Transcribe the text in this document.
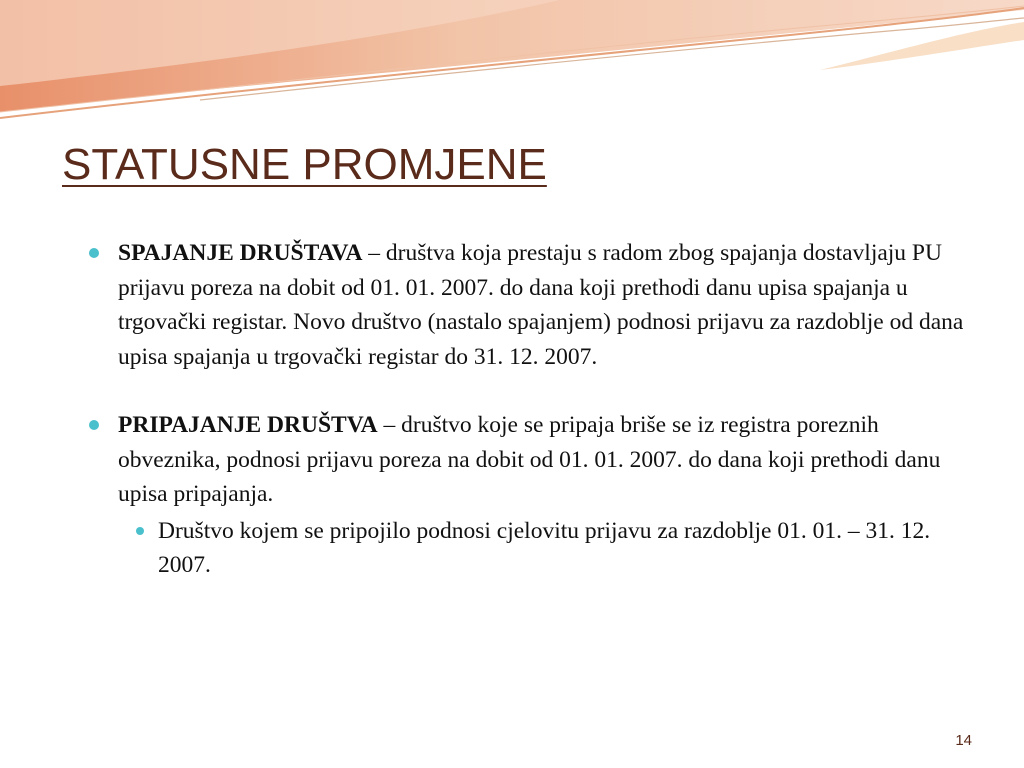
STATUSNE PROMJENE

SPAJANJE DRUŠTAVA – društva koja prestaju s radom zbog spajanja dostavljaju PU prijavu poreza na dobit od 01. 01. 2007. do dana koji prethodi danu upisa spajanja u trgovački registar. Novo društvo (nastalo spajanjem) podnosi prijavu za razdoblje od dana upisa spajanja u trgovački registar do 31. 12. 2007.

PRIPAJANJE DRUŠTVA – društvo koje se pripaja briše se iz registra poreznih obveznika, podnosi prijavu poreza na dobit od 01. 01. 2007. do dana koji prethodi danu upisa pripajanja.
Društvo kojem se pripojilo podnosi cjelovitu prijavu za razdoblje 01. 01. – 31. 12. 2007.
14
